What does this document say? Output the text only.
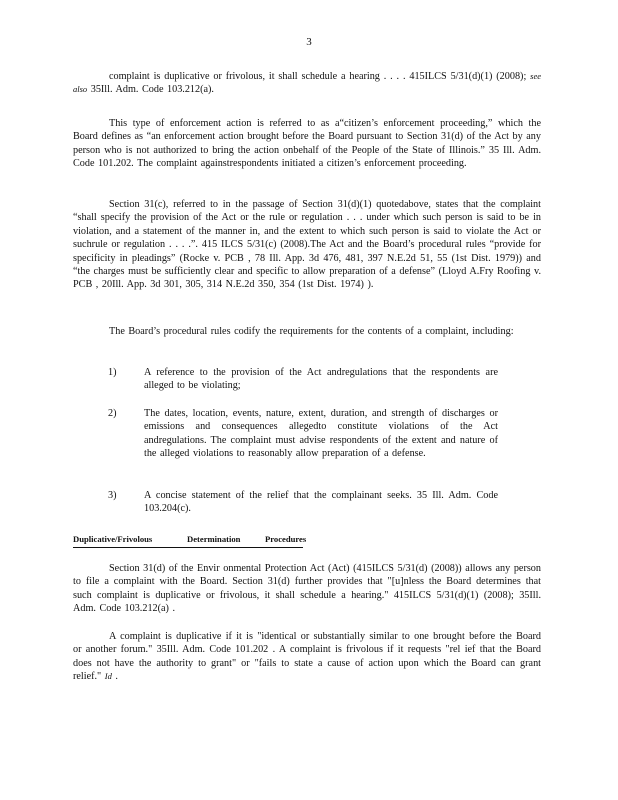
3
complaint is duplicative or frivolous, it shall schedule a hearing . . . . 415ILCS 5/31(d)(1) (2008); see also 35Ill. Adm. Code 103.212(a).
This type of enforcement action is referred to as a“citizen’s enforcement proceeding,” which the Board defines as “an enforcement action brought before the Board pursuant to Section 31(d) of the Act by any person who is not authorized to bring the action onbehalf of the People of the State of Illinois.” 35 Ill. Adm. Code 101.202. The complaint againstrespondents initiated a citizen’s enforcement proceeding.
Section 31(c), referred to in the passage of Section 31(d)(1) quotedabove, states that the complaint “shall specify the provision of the Act or the rule or regulation . . . under which such person is said to be in violation, and a statement of the manner in, and the extent to which such person is said to violate the Act or suchrule or regulation . . . .”. 415 ILCS 5/31(c) (2008).The Act and the Board’s procedural rules “provide for specificity in pleadings” (Rocke v. PCB , 78 Ill. App. 3d 476, 481, 397 N.E.2d 51, 55 (1st Dist. 1979)) and “the charges must be sufficiently clear and specific to allow preparation of a defense” (Lloyd A.Fry Roofing v. PCB , 20Ill. App. 3d 301, 305, 314 N.E.2d 350, 354 (1st Dist. 1974) ).
The Board’s procedural rules codify the requirements for the contents of a complaint, including:
1)	A reference to the provision of the Act andregulations that the respondents are alleged to be violating;
2)	The dates, location, events, nature, extent, duration, and strength of discharges or emissions and consequences allegedto constitute violations of the Act andregulations. The complaint must advise respondents of the extent and nature of the alleged violations to reasonably allow preparation of a defense.
3)	A concise statement of the relief that the complainant seeks. 35 Ill. Adm. Code 103.204(c).
Duplicative/Frivolous	Determination	Procedures
Section 31(d) of the Envir onmental Protection Act (Act) (415ILCS 5/31(d) (2008)) allows any person to file a complaint with the Board. Section 31(d) further provides that "[u]nless the Board determines that such complaint is duplicative or frivolous, it shall schedule a hearing." 415ILCS 5/31(d)(1) (2008); 35Ill. Adm. Code 103.212(a) .
A complaint is duplicative if it is "identical or substantially similar to one brought before the Board or another forum." 35Ill. Adm. Code 101.202 . A complaint is frivolous if it requests "rel ief that the Board does not have the authority to grant" or "fails to state a cause of action upon which the Board can grant relief." Id .
